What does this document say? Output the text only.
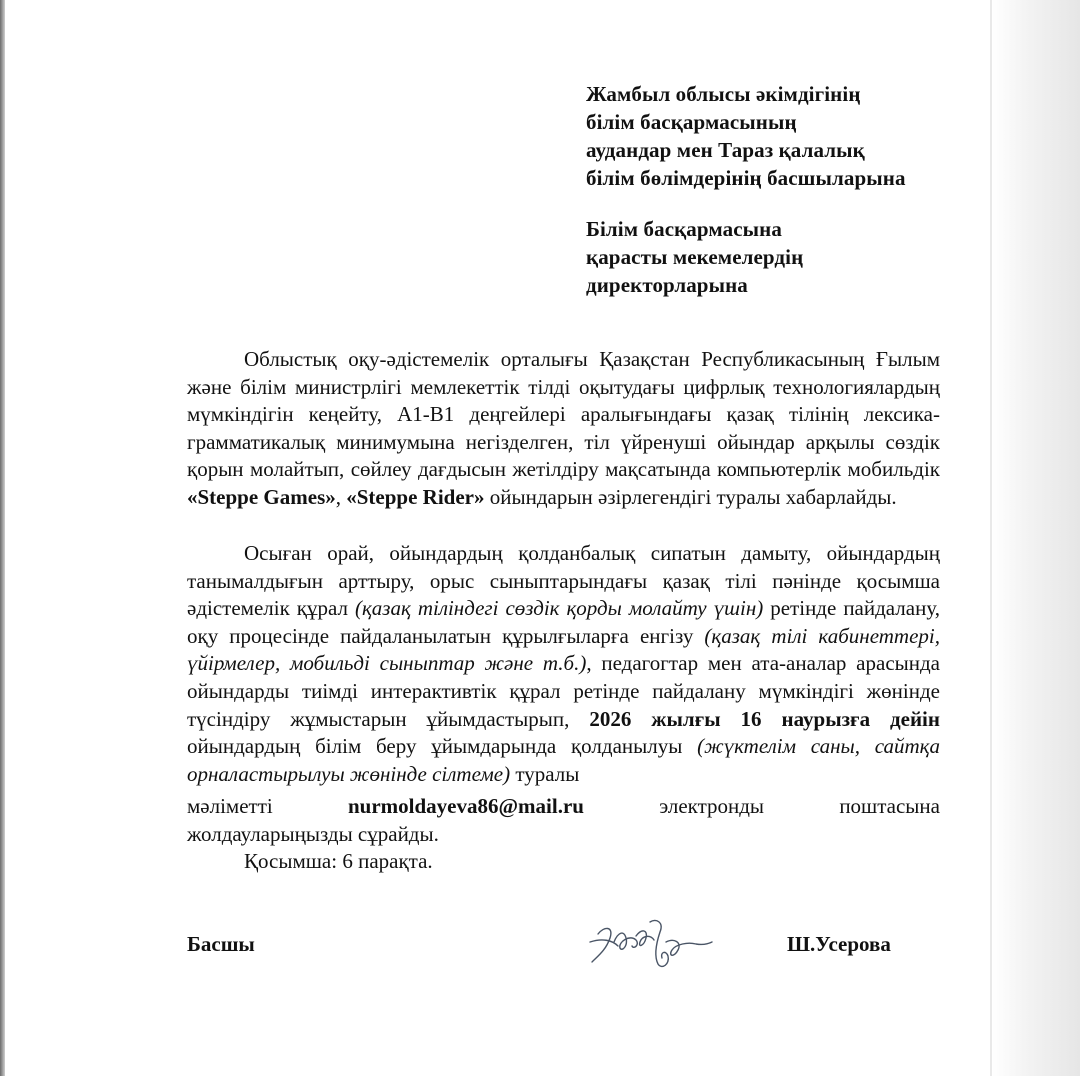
Жамбыл облысы әкімдігінің
білім басқармасының
аудандар мен Тараз қалалық
білім бөлімдерінің басшыларына
Білім басқармасына
қарасты мекемелердің
директорларына

Облыстық оқу-әдістемелік орталығы Қазақстан Республикасының Ғылым және білім министрлігі мемлекеттік тілді оқытудағы цифрлық технологиялардың мүмкіндігін кеңейту, А1-В1 деңгейлері аралығындағы қазақ тілінің лексика-грамматикалық минимумына негізделген, тіл үйренуші ойындар арқылы сөздік қорын молайтып, сөйлеу дағдысын жетілдіру мақсатында компьютерлік мобильдік «Steppe Games», «Steppe Rider» ойындарын әзірлегендігі туралы хабарлайды.

Осыған орай, ойындардың қолданбалық сипатын дамыту, ойындардың танымалдығын арттыру, орыс сыныптарындағы қазақ тілі пәнінде қосымша әдістемелік құрал (қазақ тіліндегі сөздік қорды молайту үшін) ретінде пайдалану, оқу процесінде пайдаланылатын құрылғыларға енгізу (қазақ тілі кабинеттері, үйірмелер, мобильді сыныптар және т.б.), педагогтар мен ата-аналар арасында ойындарды тиімді интерактивтік құрал ретінде пайдалану мүмкіндігі жөнінде түсіндіру жұмыстарын ұйымдастырып, 2026 жылғы 16 наурызға дейін ойындардың білім беру ұйымдарында қолданылуы (жүктелім саны, сайтқа орналастырылуы жөнінде сілтеме) туралы

мәліметті	nurmoldayeva86@mail.ru	электронды	поштасына
жолдауларыңызды сұрайды.
Қосымша: 6 парақта.
Басшы	Ш.Усерова
